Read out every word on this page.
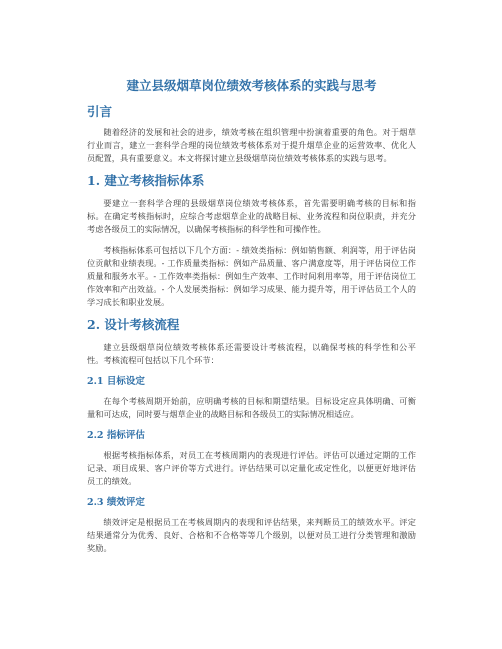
建立县级烟草岗位绩效考核体系的实践与思考
引言

随着经济的发展和社会的进步，绩效考核在组织管理中扮演着重要的角色。对于烟草行业而言，建立一套科学合理的岗位绩效考核体系对于提升烟草企业的运营效率、优化人员配置，具有重要意义。本文将探讨建立县级烟草岗位绩效考核体系的实践与思考。

1. 建立考核指标体系

要建立一套科学合理的县级烟草岗位绩效考核体系，首先需要明确考核的目标和指标。在确定考核指标时，应综合考虑烟草企业的战略目标、业务流程和岗位职责，并充分考虑各级员工的实际情况，以确保考核指标的科学性和可操作性。

考核指标体系可包括以下几个方面：- 绩效类指标：例如销售额、利润等，用于评估岗位贡献和业绩表现。- 工作质量类指标：例如产品质量、客户满意度等，用于评估岗位工作质量和服务水平。- 工作效率类指标：例如生产效率、工作时间利用率等，用于评估岗位工作效率和产出效益。- 个人发展类指标：例如学习成果、能力提升等，用于评估员工个人的学习成长和职业发展。

2. 设计考核流程

建立县级烟草岗位绩效考核体系还需要设计考核流程，以确保考核的科学性和公平性。考核流程可包括以下几个环节：

2.1 目标设定

在每个考核周期开始前，应明确考核的目标和期望结果。目标设定应具体明确、可衡量和可达成，同时要与烟草企业的战略目标和各级员工的实际情况相适应。

2.2 指标评估

根据考核指标体系，对员工在考核周期内的表现进行评估。评估可以通过定期的工作记录、项目成果、客户评价等方式进行。评估结果可以定量化或定性化，以便更好地评估员工的绩效。

2.3 绩效评定

绩效评定是根据员工在考核周期内的表现和评估结果，来判断员工的绩效水平。评定结果通常分为优秀、良好、合格和不合格等等几个级别，以便对员工进行分类管理和激励奖励。
